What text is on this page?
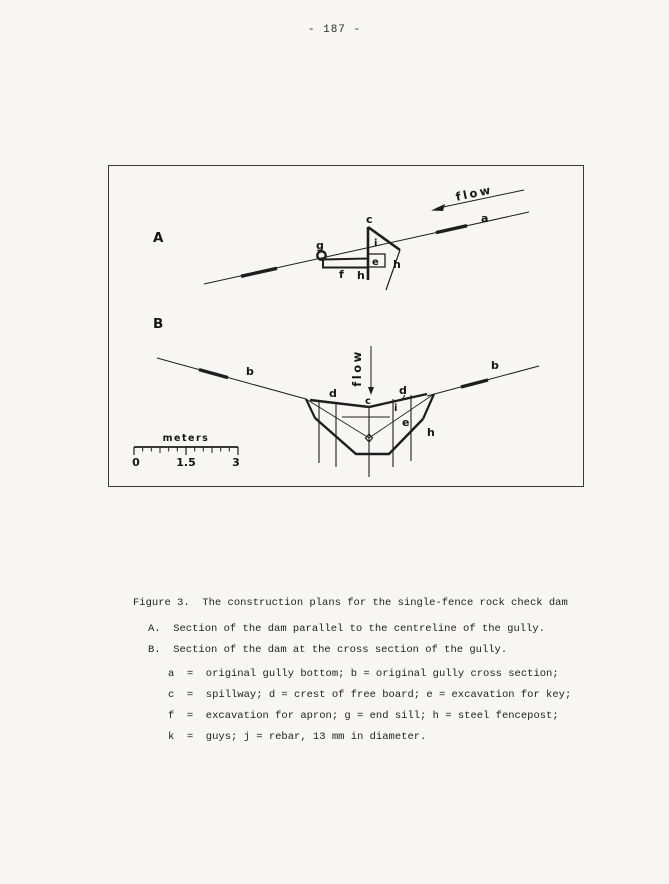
- 187 -
A
flow
a
c
i
e
g
f h
h
B
flow
b	b
d	d
c
i
e
h
meters
0	1.5	3
Figure 3.  The construction plans for the single-fence rock check dam
A.  Section of the dam parallel to the centreline of the gully.
B.  Section of the dam at the cross section of the gully.
a  =  original gully bottom; b = original gully cross section;
c  =  spillway; d = crest of free board; e = excavation for key;
f  =  excavation for apron; g = end sill; h = steel fencepost;
k  =  guys; j = rebar, 13 mm in diameter.
